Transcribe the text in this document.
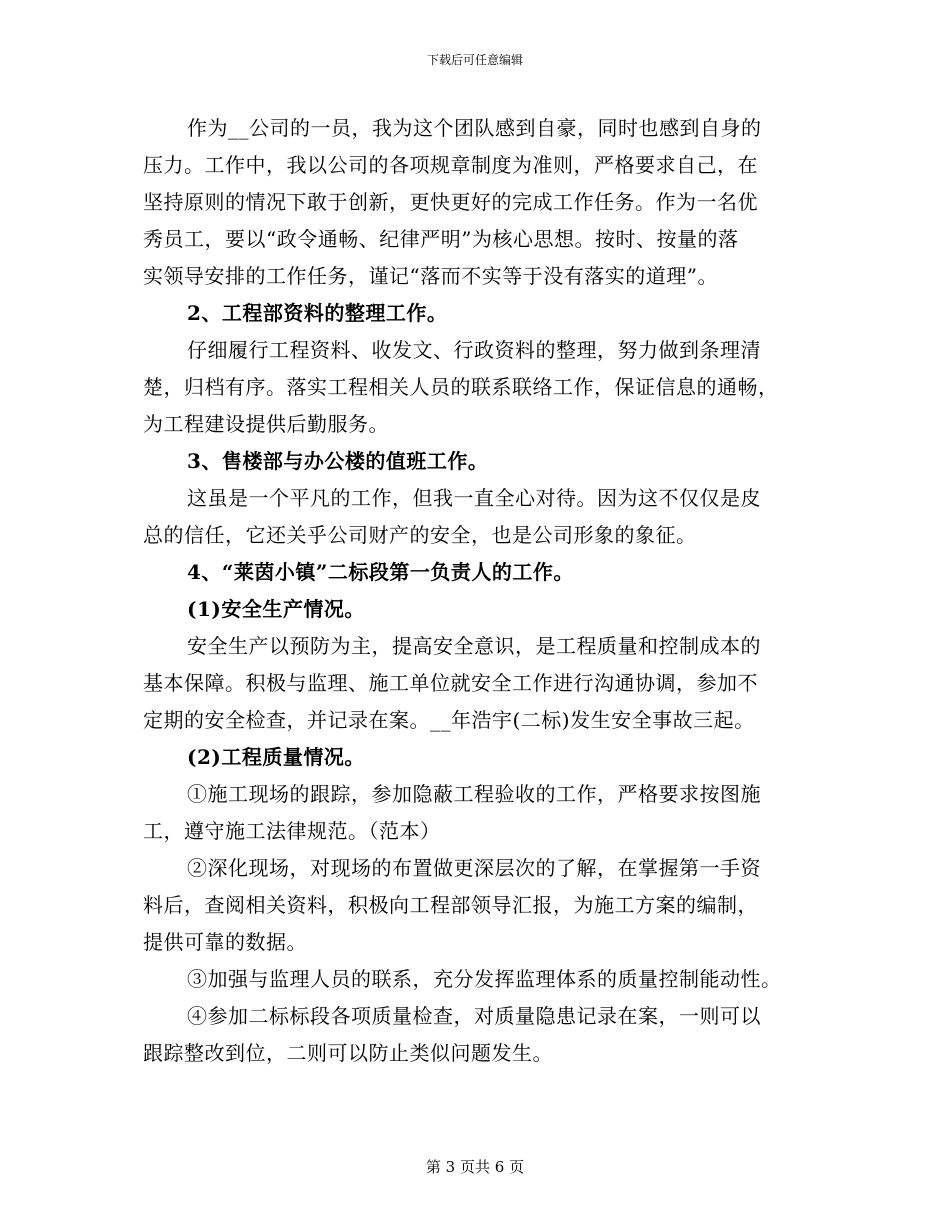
下载后可任意编辑
作为__公司的一员，我为这个团队感到自豪，同时也感到自身的
压力。工作中，我以公司的各项规章制度为准则，严格要求自己，在
坚持原则的情况下敢于创新，更快更好的完成工作任务。作为一名优
秀员工，要以“政令通畅、纪律严明”为核心思想。按时、按量的落
实领导安排的工作任务，谨记“落而不实等于没有落实的道理”。
2、工程部资料的整理工作。
仔细履行工程资料、收发文、行政资料的整理，努力做到条理清
楚，归档有序。落实工程相关人员的联系联络工作，保证信息的通畅，
为工程建设提供后勤服务。
3、售楼部与办公楼的值班工作。
这虽是一个平凡的工作，但我一直全心对待。因为这不仅仅是皮
总的信任，它还关乎公司财产的安全，也是公司形象的象征。
4、“莱茵小镇”二标段第一负责人的工作。
(1)安全生产情况。
安全生产以预防为主，提高安全意识，是工程质量和控制成本的
基本保障。积极与监理、施工单位就安全工作进行沟通协调，参加不
定期的安全检查，并记录在案。__年浩宇(二标)发生安全事故三起。
(2)工程质量情况。
①施工现场的跟踪，参加隐蔽工程验收的工作，严格要求按图施
工，遵守施工法律规范。（范本）
②深化现场，对现场的布置做更深层次的了解，在掌握第一手资
料后，查阅相关资料，积极向工程部领导汇报，为施工方案的编制，
提供可靠的数据。
③加强与监理人员的联系，充分发挥监理体系的质量控制能动性。
④参加二标标段各项质量检查，对质量隐患记录在案，一则可以
跟踪整改到位，二则可以防止类似问题发生。
第 3 页共 6 页
